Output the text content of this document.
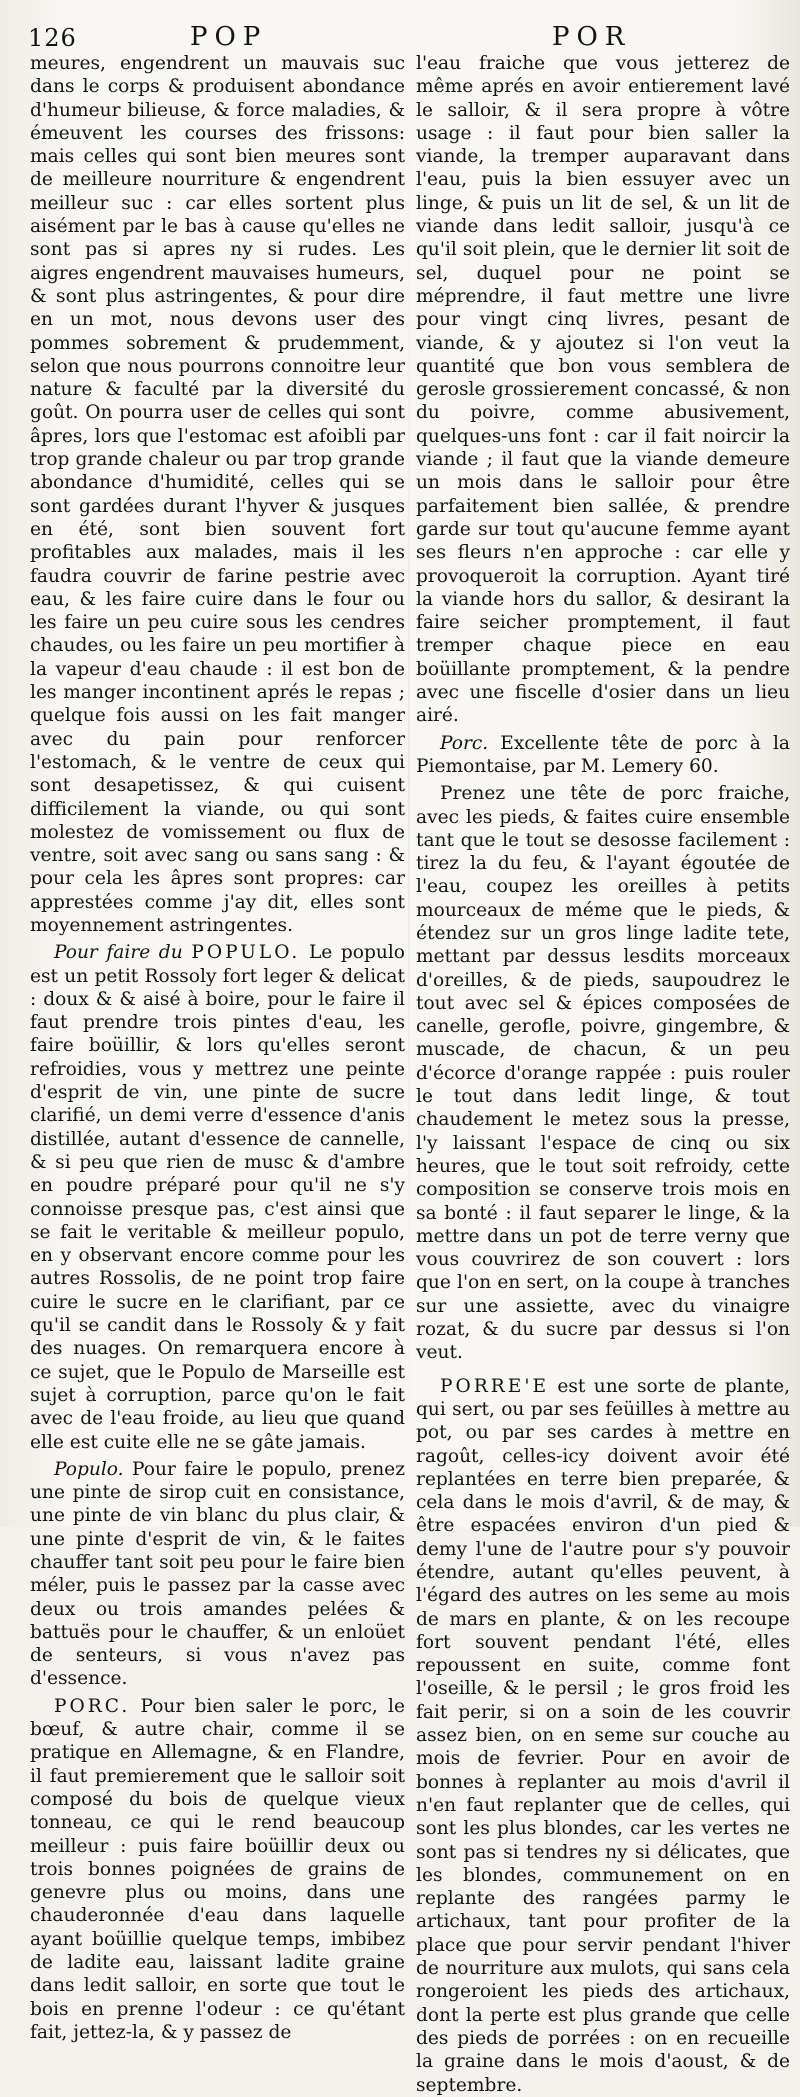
126	POP	POR

meures, engendrent un mauvais suc dans le corps & produisent abondance d'humeur bilieuse, & force maladies, & émeuvent les courses des frissons: mais celles qui sont bien meures sont de meilleure nourriture & engendrent meilleur suc : car elles sortent plus aisément par le bas à cause qu'elles ne sont pas si apres ny si rudes. Les aigres engendrent mauvaises humeurs, & sont plus astringentes, & pour dire en un mot, nous devons user des pommes sobrement & prudemment, selon que nous pourrons connoitre leur nature & faculté par la diversité du goût. On pourra user de celles qui sont âpres, lors que l'estomac est afoibli par trop grande chaleur ou par trop grande abondance d'humidité, celles qui se sont gardées durant l'hyver & jusques en été, sont bien souvent fort profitables aux malades, mais il les faudra couvrir de farine pestrie avec eau, & les faire cuire dans le four ou les faire un peu cuire sous les cendres chaudes, ou les faire un peu mortifier à la vapeur d'eau chaude : il est bon de les manger incontinent aprés le repas ; quelque fois aussi on les fait manger avec du pain pour renforcer l'estomach, & le ventre de ceux qui sont desapetissez, & qui cuisent difficilement la viande, ou qui sont molestez de vomissement ou flux de ventre, soit avec sang ou sans sang : & pour cela les âpres sont propres: car apprestées comme j'ay dit, elles sont moyennement astringentes.

Pour faire du POPULO. Le populo est un petit Rossoly fort leger & delicat : doux & & aisé à boire, pour le faire il faut prendre trois pintes d'eau, les faire boüillir, & lors qu'elles seront refroidies, vous y mettrez une peinte d'esprit de vin, une pinte de sucre clarifié, un demi verre d'essence d'anis distillée, autant d'essence de cannelle, & si peu que rien de musc & d'ambre en poudre préparé pour qu'il ne s'y connoisse presque pas, c'est ainsi que se fait le veritable & meilleur populo, en y observant encore comme pour les autres Rossolis, de ne point trop faire cuire le sucre en le clarifiant, par ce qu'il se candit dans le Rossoly & y fait des nuages. On remarquera encore à ce sujet, que le Populo de Marseille est sujet à corruption, parce qu'on le fait avec de l'eau froide, au lieu que quand elle est cuite elle ne se gâte jamais.

Populo. Pour faire le populo, prenez une pinte de sirop cuit en consistance, une pinte de vin blanc du plus clair, & une pinte d'esprit de vin, & le faites chauffer tant soit peu pour le faire bien méler, puis le passez par la casse avec deux ou trois amandes pelées & battuës pour le chauffer, & un enloüet de senteurs, si vous n'avez pas d'essence.

PORC. Pour bien saler le porc, le bœuf, & autre chair, comme il se pratique en Allemagne, & en Flandre, il faut premierement que le salloir soit composé du bois de quelque vieux tonneau, ce qui le rend beaucoup meilleur : puis faire boüillir deux ou trois bonnes poignées de grains de genevre plus ou moins, dans une chauderonnée d'eau dans laquelle ayant boüillie quelque temps, imbibez de ladite eau, laissant ladite graine dans ledit salloir, en sorte que tout le bois en prenne l'odeur : ce qu'étant fait, jettez-la, & y passez de

l'eau fraiche que vous jetterez de même aprés en avoir entierement lavé le salloir, & il sera propre à vôtre usage : il faut pour bien saller la viande, la tremper auparavant dans l'eau, puis la bien essuyer avec un linge, & puis un lit de sel, & un lit de viande dans ledit salloir, jusqu'à ce qu'il soit plein, que le dernier lit soit de sel, duquel pour ne point se méprendre, il faut mettre une livre pour vingt cinq livres, pesant de viande, & y ajoutez si l'on veut la quantité que bon vous semblera de gerosle grossierement concassé, & non du poivre, comme abusivement, quelques-uns font : car il fait noircir la viande ; il faut que la viande demeure un mois dans le salloir pour être parfaitement bien sallée, & prendre garde sur tout qu'aucune femme ayant ses fleurs n'en approche : car elle y provoqueroit la corruption. Ayant tiré la viande hors du sallor, & desirant la faire seicher promptement, il faut tremper chaque piece en eau boüillante promptement, & la pendre avec une fiscelle d'osier dans un lieu airé.

Porc. Excellente tête de porc à la Piemontaise, par M. Lemery 60.

Prenez une tête de porc fraiche, avec les pieds, & faites cuire ensemble tant que le tout se desosse facilement : tirez la du feu, & l'ayant égoutée de l'eau, coupez les oreilles à petits mourceaux de méme que le pieds, & étendez sur un gros linge ladite tete, mettant par dessus lesdits morceaux d'oreilles, & de pieds, saupoudrez le tout avec sel & épices composées de canelle, gerofle, poivre, gingembre, & muscade, de chacun, & un peu d'écorce d'orange rappée : puis rouler le tout dans ledit linge, & tout chaudement le metez sous la presse, l'y laissant l'espace de cinq ou six heures, que le tout soit refroidy, cette composition se conserve trois mois en sa bonté : il faut separer le linge, & la mettre dans un pot de terre verny que vous couvrirez de son couvert : lors que l'on en sert, on la coupe à tranches sur une assiette, avec du vinaigre rozat, & du sucre par dessus si l'on veut.

PORRE'E est une sorte de plante, qui sert, ou par ses feüilles à mettre au pot, ou par ses cardes à mettre en ragoût, celles-icy doivent avoir été replantées en terre bien preparée, & cela dans le mois d'avril, & de may, & être espacées environ d'un pied & demy l'une de l'autre pour s'y pouvoir étendre, autant qu'elles peuvent, à l'égard des autres on les seme au mois de mars en plante, & on les recoupe fort souvent pendant l'été, elles repoussent en suite, comme font l'oseille, & le persil ; le gros froid les fait perir, si on a soin de les couvrir assez bien, on en seme sur couche au mois de fevrier. Pour en avoir de bonnes à replanter au mois d'avril il n'en faut replanter que de celles, qui sont les plus blondes, car les vertes ne sont pas si tendres ny si délicates, que les blondes, communement on en replante des rangées parmy le artichaux, tant pour profiter de la place que pour servir pendant l'hiver de nourriture aux mulots, qui sans cela rongeroient les pieds des artichaux, dont la perte est plus grande que celle des pieds de porrées : on en recueille la graine dans le mois d'aoust, & de septembre.
